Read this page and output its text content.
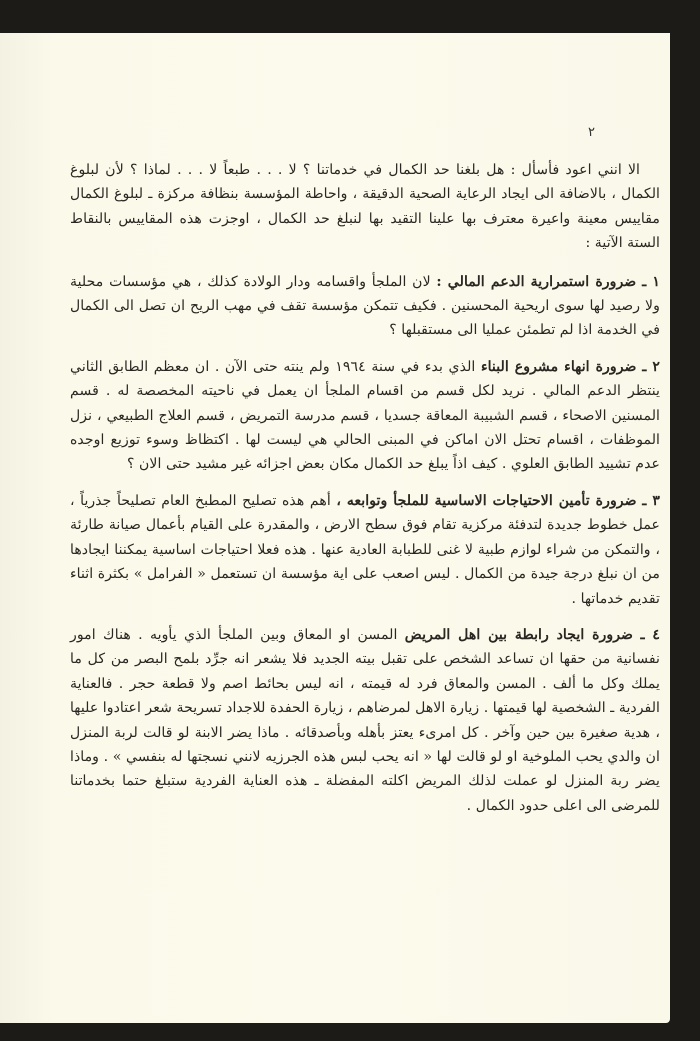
٢

الا انني اعود فأسأل : هل بلغنا حد الكمال في خدماتنا ؟ لا . . . طبعاً لا . . . لماذا ؟ لأن لبلوغ الكمال ، بالاضافة الى ايجاد الرعاية الصحية الدقيقة ، واحاطة المؤسسة بنظافة مركزة ـ لبلوغ الكمال مقاييس معينة واعيرة معترف بها علينا التقيد بها لنبلغ حد الكمال ، اوجزت هذه المقاييس بالنقاط الستة الآتية :

١ ـ ضرورة استمرارية الدعم المالي : لان الملجأ واقسامه ودار الولادة كذلك ، هي مؤسسات محلية ولا رصيد لها سوى اريحية المحسنين . فكيف تتمكن مؤسسة تقف في مهب الريح ان تصل الى الكمال في الخدمة اذا لم تطمئن عمليا الى مستقبلها ؟

٢ ـ ضرورة انهاء مشروع البناء الذي بدء في سنة ١٩٦٤ ولم ينته حتى الآن . ان معظم الطابق الثاني ينتظر الدعم المالي . نريد لكل قسم من اقسام الملجأ ان يعمل في ناحيته المخصصة له . قسم المسنين الاصحاء ، قسم الشبيبة المعاقة جسديا ، قسم مدرسة التمريض ، قسم العلاج الطبيعي ، نزل الموظفات ، اقسام تحتل الان اماكن في المبنى الحالي هي ليست لها . اكتظاظ وسوء توزيع اوجده عدم تشييد الطابق العلوي . كيف اذاً يبلغ حد الكمال مكان بعض اجزائه غير مشيد حتى الان ؟

٣ ـ ضرورة تأمين الاحتياجات الاساسية للملجأ وتوابعه ، أهم هذه تصليح المطبخ العام تصليحاً جذرياً ، عمل خطوط جديدة لتدفئة مركزية تقام فوق سطح الارض ، والمقدرة على القيام بأعمال صيانة طارئة ، والتمكن من شراء لوازم طبية لا غنى للطبابة العادية عنها . هذه فعلا احتياجات اساسية يمكننا ايجادها من ان نبلغ درجة جيدة من الكمال . ليس اصعب على اية مؤسسة ان تستعمل « الفرامل » بكثرة اثناء تقديم خدماتها .

٤ ـ ضرورة ايجاد رابطة بين اهل المريض المسن او المعاق وبين الملجأ الذي يأويه . هناك امور نفسانية من حقها ان تساعد الشخص على تقبل بيته الجديد فلا يشعر انه جرِّد بلمح البصر من كل ما يملك وكل ما ألف . المسن والمعاق فرد له قيمته ، انه ليس بحائط اصم ولا قطعة حجر . فالعناية الفردية ـ الشخصية لها قيمتها . زيارة الاهل لمرضاهم ، زيارة الحفدة للاجداد تسريحة شعر اعتادوا عليها ، هدية صغيرة بين حين وآخر . كل امرىء يعتز بأهله وبأصدقائه . ماذا يضر الابنة لو قالت لربة المنزل ان والدي يحب الملوخية او لو قالت لها « انه يحب لبس هذه الجرزيه لانني نسجتها له بنفسي » . وماذا يضر ربة المنزل لو عملت لذلك المريض اكلته المفضلة ـ هذه العناية الفردية ستبلغ حتما بخدماتنا للمرضى الى اعلى حدود الكمال .
